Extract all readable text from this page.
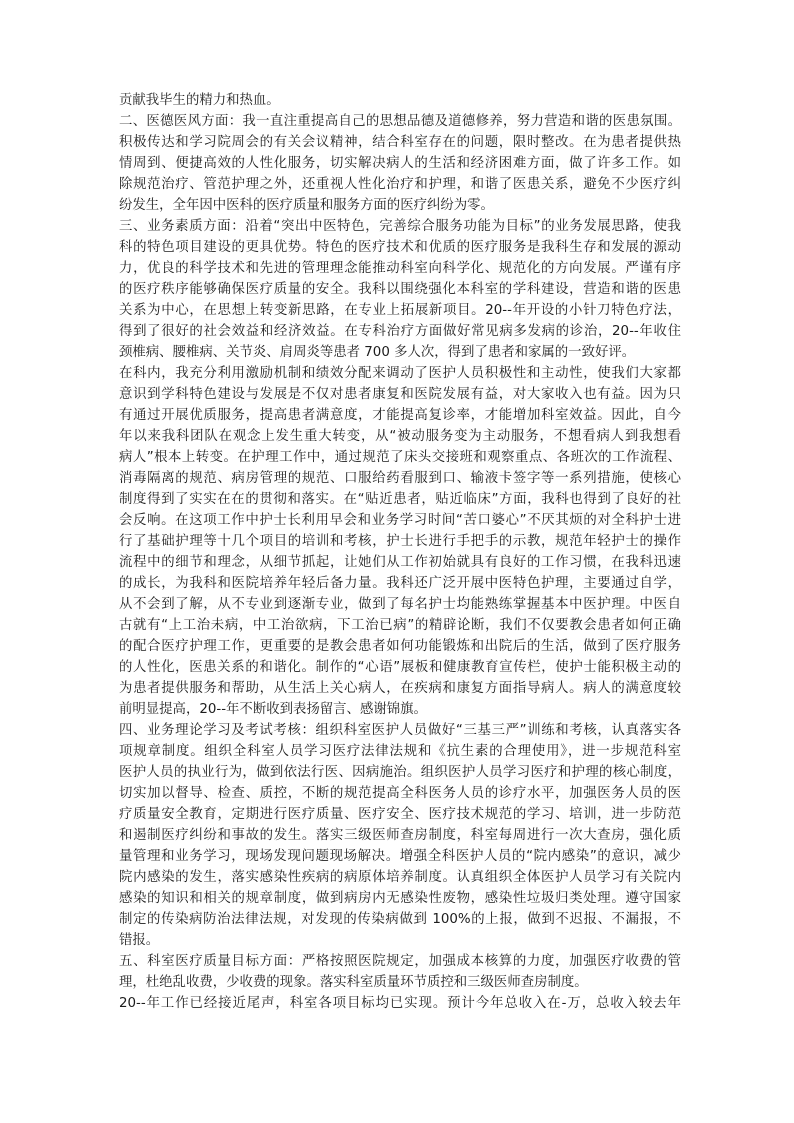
贡献我毕生的精力和热血。
二、医德医风方面：我一直注重提高自己的思想品德及道德修养，努力营造和谐的医患氛围。
积极传达和学习院周会的有关会议精神，结合科室存在的问题，限时整改。在为患者提供热
情周到、便捷高效的人性化服务，切实解决病人的生活和经济困难方面，做了许多工作。如
除规范治疗、管范护理之外，还重视人性化治疗和护理，和谐了医患关系，避免不少医疗纠
纷发生，全年因中医科的医疗质量和服务方面的医疗纠纷为零。
三、业务素质方面：沿着“突出中医特色，完善综合服务功能为目标”的业务发展思路，使我
科的特色项目建设的更具优势。特色的医疗技术和优质的医疗服务是我科生存和发展的源动
力，优良的科学技术和先进的管理理念能推动科室向科学化、规范化的方向发展。严谨有序
的医疗秩序能够确保医疗质量的安全。我科以围绕强化本科室的学科建设，营造和谐的医患
关系为中心，在思想上转变新思路，在专业上拓展新项目。20--年开设的小针刀特色疗法，
得到了很好的社会效益和经济效益。在专科治疗方面做好常见病多发病的诊治，20--年收住
颈椎病、腰椎病、关节炎、肩周炎等患者 700 多人次，得到了患者和家属的一致好评。
在科内，我充分利用激励机制和绩效分配来调动了医护人员积极性和主动性，使我们大家都
意识到学科特色建设与发展是不仅对患者康复和医院发展有益，对大家收入也有益。因为只
有通过开展优质服务，提高患者满意度，才能提高复诊率，才能增加科室效益。因此，自今
年以来我科团队在观念上发生重大转变，从“被动服务变为主动服务，不想看病人到我想看
病人”根本上转变。在护理工作中，通过规范了床头交接班和观察重点、各班次的工作流程、
消毒隔离的规范、病房管理的规范、口服给药看服到口、输液卡签字等一系列措施，使核心
制度得到了实实在在的贯彻和落实。在“贴近患者，贴近临床”方面，我科也得到了良好的社
会反响。在这项工作中护士长利用早会和业务学习时间“苦口婆心”不厌其烦的对全科护士进
行了基础护理等十几个项目的培训和考核，护士长进行手把手的示教，规范年轻护士的操作
流程中的细节和理念，从细节抓起，让她们从工作初始就具有良好的工作习惯，在我科迅速
的成长，为我科和医院培养年轻后备力量。我科还广泛开展中医特色护理，主要通过自学，
从不会到了解，从不专业到逐渐专业，做到了每名护士均能熟练掌握基本中医护理。中医自
古就有“上工治未病，中工治欲病，下工治已病”的精辟论断，我们不仅要教会患者如何正确
的配合医疗护理工作，更重要的是教会患者如何功能锻炼和出院后的生活，做到了医疗服务
的人性化，医患关系的和谐化。制作的“心语”展板和健康教育宣传栏，使护士能积极主动的
为患者提供服务和帮助，从生活上关心病人，在疾病和康复方面指导病人。病人的满意度较
前明显提高，20--年不断收到表扬留言、感谢锦旗。
四、业务理论学习及考试考核：组织科室医护人员做好“三基三严”训练和考核，认真落实各
项规章制度。组织全科室人员学习医疗法律法规和《抗生素的合理使用》，进一步规范科室
医护人员的执业行为，做到依法行医、因病施治。组织医护人员学习医疗和护理的核心制度，
切实加以督导、检查、质控，不断的规范提高全科医务人员的诊疗水平，加强医务人员的医
疗质量安全教育，定期进行医疗质量、医疗安全、医疗技术规范的学习、培训，进一步防范
和遏制医疗纠纷和事故的发生。落实三级医师查房制度，科室每周进行一次大查房，强化质
量管理和业务学习，现场发现问题现场解决。增强全科医护人员的“院内感染”的意识，减少
院内感染的发生，落实感染性疾病的病原体培养制度。认真组织全体医护人员学习有关院内
感染的知识和相关的规章制度，做到病房内无感染性废物，感染性垃圾归类处理。遵守国家
制定的传染病防治法律法规，对发现的传染病做到 100%的上报，做到不迟报、不漏报，不
错报。
五、科室医疗质量目标方面：严格按照医院规定，加强成本核算的力度，加强医疗收费的管
理，杜绝乱收费，少收费的现象。落实科室质量环节质控和三级医师查房制度。
20--年工作已经接近尾声，科室各项目标均已实现。预计今年总收入在-万，总收入较去年
